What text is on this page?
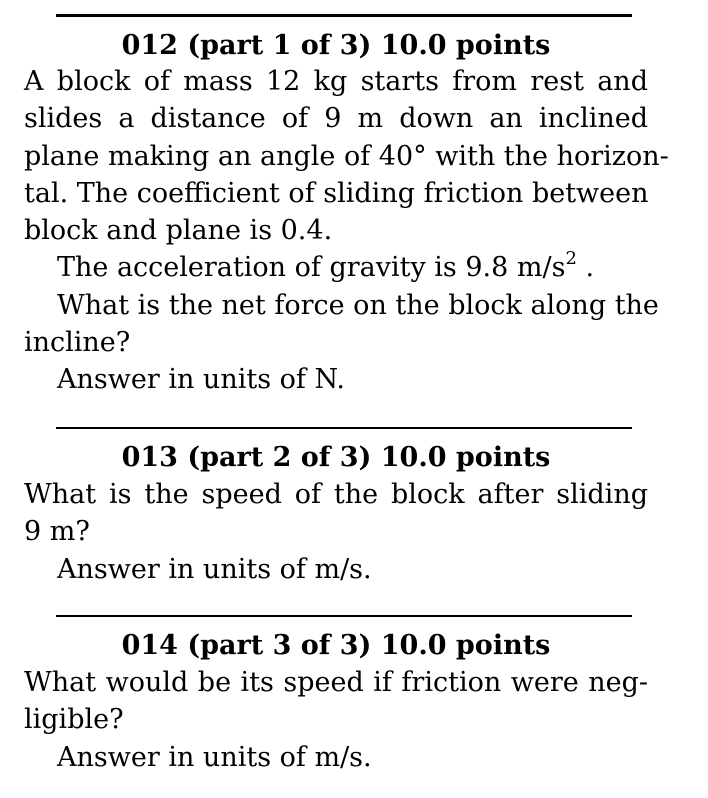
012 (part 1 of 3) 10.0 points
A block of mass 12 kg starts from rest and
slides a distance of 9 m down an inclined
plane making an angle of 40° with the horizon-
tal. The coefficient of sliding friction between
block and plane is 0.4.
The acceleration of gravity is 9.8 $m/s^2$ .
What is the net force on the block along the
incline?
Answer in units of N.
013 (part 2 of 3) 10.0 points
What is the speed of the block after sliding
9 m?
Answer in units of m/s.
014 (part 3 of 3) 10.0 points
What would be its speed if friction were neg-
ligible?
Answer in units of m/s.
